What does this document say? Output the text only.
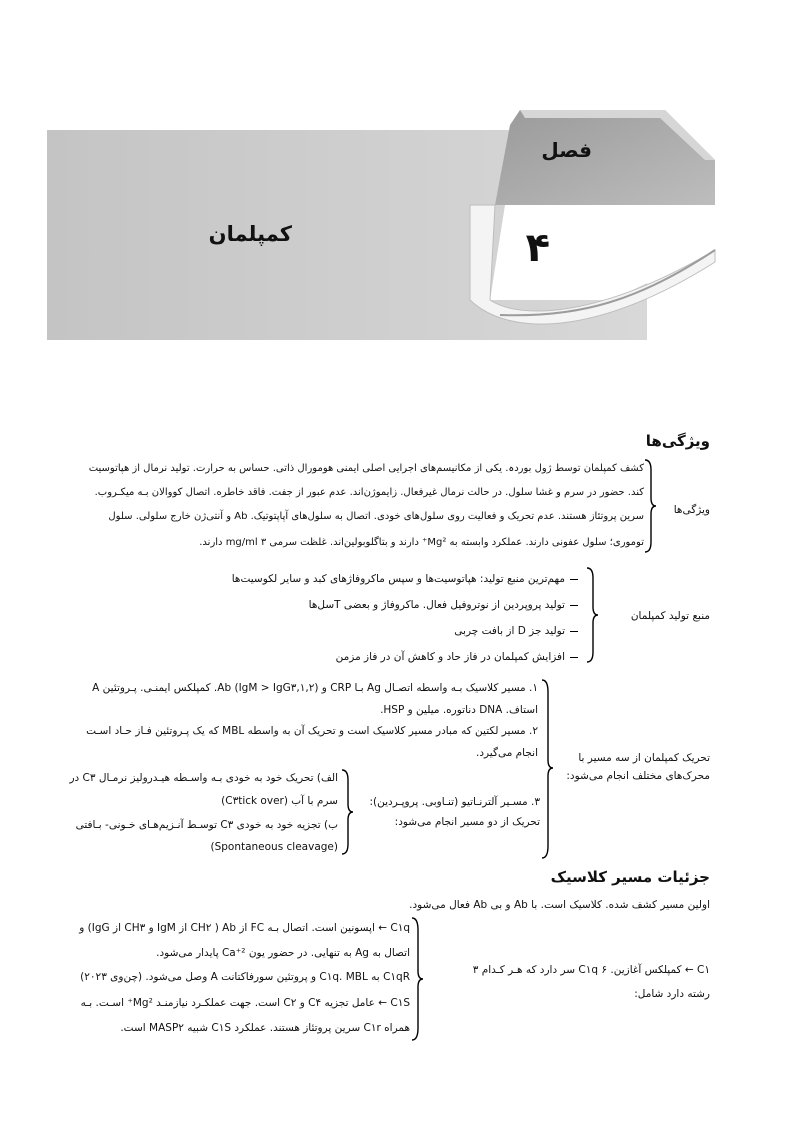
فصل
۴
کمپلمان
ویژگی‌ها
ویژگی‌ها
کشف کمپلمان توسط ژول بوردہ. یکی از مکانیسم‌های اجرایی اصلی ایمنی هومورال ذاتی. حساس به حرارت. تولید نرمال از هپاتوسیت
کند. حضور در سرم و غشا سلول. در حالت نرمال غیرفعال. زایموژن‌اند. عدم عبور از جفت. فاقد خاطره. اتصال کووالان بـه میکـروب.
سرین پروتئاز هستند. عدم تحریک و فعالیت روی سلول‌های خودی. اتصال به سلول‌های آپاپتوتیک. Ab و آنتی‌ژن خارج سلولی. سلول
توموری؛ سلول عفونی دارند. عملکرد وابسته به Mg²⁺ دارند و بتاگلوبولین‌اند. غلظت سرمی ۳ mg/ml دارند.
منبع تولید کمپلمان
مهم‌ترین منبع تولید: هپاتوسیت‌ها و سپس ماکروفاژهای کبد و سایر لکوسیت‌ها
تولید پروپردین از نوتروفیل فعال. ماکروفاژ و بعضی Tسل‌ها
تولید جز D از بافت چربی
افزایش کمپلمان در فاز حاد و کاهش آن در فاز مزمن
تحریک کمپلمان از سه مسیر با
محرک‌های مختلف انجام می‌شود:
۱. مسیر کلاسیک بـه واسطه اتصـال Ag بـا CRP و Ab (IgM > IgG۳,۱,۲). کمپلکس ایمنـی. پـروتئین A
استاف. DNA دناتوره. میلین و HSP.
۲. مسیر لکتین که مبادر مسیر کلاسیک است و تحریک آن به واسطه MBL که یک پـروتئین فـاز حـاد اسـت
انجام می‌گیرد.
۳. مسـیر آلترنـاتیو (تنـاوبی. پروپـردین):
تحریک از دو مسیر انجام می‌شود:
الف) تحریک خود به خودی بـه واسـطه هیـدرولیز نرمـال C۳ در
سرم با آب (C۳tick over)
ب) تجزیه خود به خودی C۳ توسـط آنـزیم‌هـای خـونی- بـافتی
(Spontaneous cleavage)
جزئیات مسیر کلاسیک
اولین مسیر کشف شده. کلاسیک است. با Ab و بی Ab فعال می‌شود.
C۱ ← کمپلکس آغازین. C۱q ۶ سر دارد که هـر کـدام ۳
رشته دارد شامل:
C۱q ← اپسونین است. اتصال بـه FC از Ab ( CH۲ از IgM و CH۳ از IgG) و
اتصال به Ag به تنهایی. در حضور یون Ca⁺² پایدار می‌شود.
C۱qR به C۱q. MBL و پروتئین سورفاکتانت A وصل می‌شود. (چن‌وی ۲۰۲۳)
C۱S ← عامل تجزیه C۴ و C۲ است. جهت عملکـرد نیازمنـد Mg²⁺ اسـت. بـه
همراه C۱r سرین پروتئاز هستند. عملکرد C۱S شبیه MASP۲ است.
